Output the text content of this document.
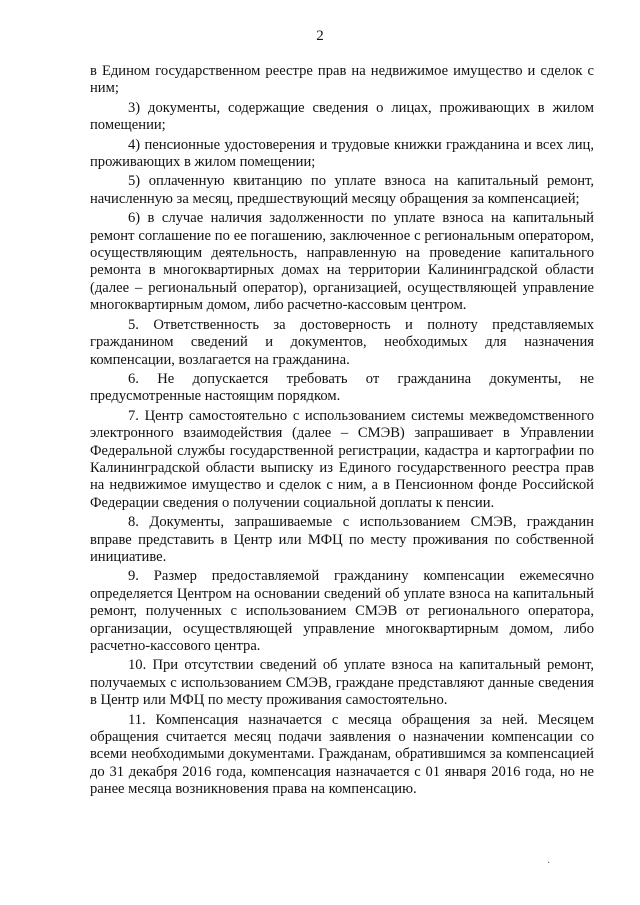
2

в Едином государственном реестре прав на недвижимое имущество и сделок с ним;

3) документы, содержащие сведения о лицах, проживающих в жилом помещении;

4) пенсионные удостоверения и трудовые книжки гражданина и всех лиц, проживающих в жилом помещении;

5) оплаченную квитанцию по уплате взноса на капитальный ремонт, начисленную за месяц, предшествующий месяцу обращения за компенсацией;

6) в случае наличия задолженности по уплате взноса на капитальный ремонт соглашение по ее погашению, заключенное с региональным оператором, осуществляющим деятельность, направленную на проведение капитального ремонта в многоквартирных домах на территории Калининградской области (далее – региональный оператор), организацией, осуществляющей управление многоквартирным домом, либо расчетно-кассовым центром.

5. Ответственность за достоверность и полноту представляемых гражданином сведений и документов, необходимых для назначения компенсации, возлагается на гражданина.

6. Не допускается требовать от гражданина документы, не предусмотренные настоящим порядком.

7. Центр самостоятельно с использованием системы межведомственного электронного взаимодействия (далее – СМЭВ) запрашивает в Управлении Федеральной службы государственной регистрации, кадастра и картографии по Калининградской области выписку из Единого государственного реестра прав на недвижимое имущество и сделок с ним, а в Пенсионном фонде Российской Федерации сведения о получении социальной доплаты к пенсии.

8. Документы, запрашиваемые с использованием СМЭВ, гражданин вправе представить в Центр или МФЦ по месту проживания по собственной инициативе.

9. Размер предоставляемой гражданину компенсации ежемесячно определяется Центром на основании сведений об уплате взноса на капитальный ремонт, полученных с использованием СМЭВ от регионального оператора, организации, осуществляющей управление многоквартирным домом, либо расчетно-кассового центра.

10. При отсутствии сведений об уплате взноса на капитальный ремонт, получаемых с использованием СМЭВ, граждане представляют данные сведения в Центр или МФЦ по месту проживания самостоятельно.

11. Компенсация назначается с месяца обращения за ней. Месяцем обращения считается месяц подачи заявления о назначении компенсации со всеми необходимыми документами. Гражданам, обратившимся за компенсацией до 31 декабря 2016 года, компенсация назначается с 01 января 2016 года, но не ранее месяца возникновения права на компенсацию.

·
